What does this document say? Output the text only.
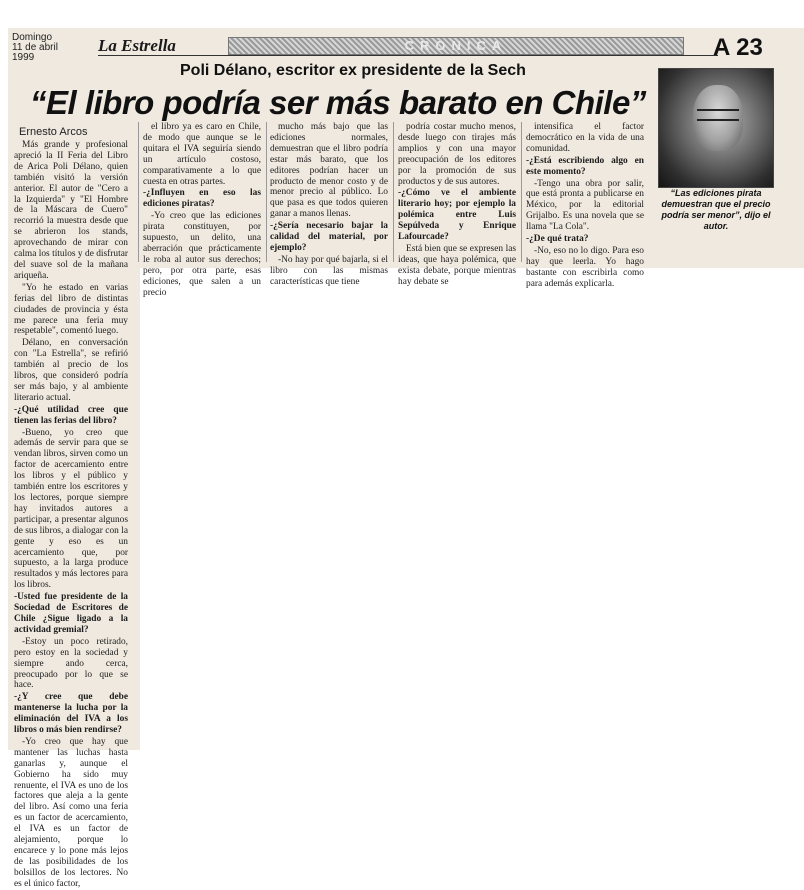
Domingo
11 de abril
1999
La Estrella	CRONICA	A 23
Poli Délano, escritor ex presidente de la Sech
“El libro podría ser más barato en Chile”
Ernesto Arcos

Más grande y profesional apreció la II Feria del Libro de Arica Poli Délano, quien también visitó la versión anterior. El autor de "Cero a la Izquierda" y "El Hombre de la Máscara de Cuero" recorrió la muestra desde que se abrieron los stands, aprovechando de mirar con calma los títulos y de disfrutar del suave sol de la mañana ariqueña.

"Yo he estado en varias ferias del libro de distintas ciudades de provincia y ésta me parece una feria muy respetable", comentó luego.

Délano, en conversación con "La Estrella", se refirió también al precio de los libros, que consideró podría ser más bajo, y al ambiente literario actual.

-¿Qué utilidad cree que tienen las ferias del libro?

-Bueno, yo creo que además de servir para que se vendan libros, sirven como un factor de acercamiento entre los libros y el público y también entre los escritores y los lectores, porque siempre hay invitados autores a participar, a presentar algunos de sus libros, a dialogar con la gente y eso es un acercamiento que, por supuesto, a la larga produce resultados y más lectores para los libros.

-Usted fue presidente de la Sociedad de Escritores de Chile ¿Sigue ligado a la actividad gremial?

-Estoy un poco retirado, pero estoy en la sociedad y siempre ando cerca, preocupado por lo que se hace.

-¿Y cree que debe mantenerse la lucha por la eliminación del IVA a los libros o más bien rendirse?

-Yo creo que hay que mantener las luchas hasta ganarlas y, aunque el Gobierno ha sido muy renuente, el IVA es uno de los factores que aleja a la gente del libro. Así como una feria es un factor de acercamiento, el IVA es un factor de alejamiento, porque lo encarece y lo pone más lejos de las posibilidades de los bolsillos de los lectores. No es el único factor,

el libro ya es caro en Chile, de modo que aunque se le quitara el IVA seguiría siendo un artículo costoso, comparativamente a lo que cuesta en otras partes.

-¿Influyen en eso las ediciones piratas?

-Yo creo que las ediciones pirata constituyen, por supuesto, un delito, una aberración que prácticamente le roba al autor sus derechos; pero, por otra parte, esas ediciones, que salen a un precio

mucho más bajo que las ediciones normales, demuestran que el libro podría estar más barato, que los editores podrían hacer un producto de menor costo y de menor precio al público. Lo que pasa es que todos quieren ganar a manos llenas.

-¿Sería necesario bajar la calidad del material, por ejemplo?

-No hay por qué bajarla, si el libro con las mismas características que tiene

podría costar mucho menos, desde luego con tirajes más amplios y con una mayor preocupación de los editores por la promoción de sus productos y de sus autores.

-¿Cómo ve el ambiente literario hoy; por ejemplo la polémica entre Luis Sepúlveda y Enrique Lafourcade?

Está bien que se expresen las ideas, que haya polémica, que exista debate, porque mientras hay debate se

intensifica el factor democrático en la vida de una comunidad.

-¿Está escribiendo algo en este momento?

-Tengo una obra por salir, que está pronta a publicarse en México, por la editorial Grijalbo. Es una novela que se llama "La Cola".

-¿De qué trata?

-No, eso no lo digo. Para eso hay que leerla. Yo hago bastante con escribirla como para además explicarla.

“Las ediciones pirata demuestran que el precio podría ser menor”, dijo el autor.
